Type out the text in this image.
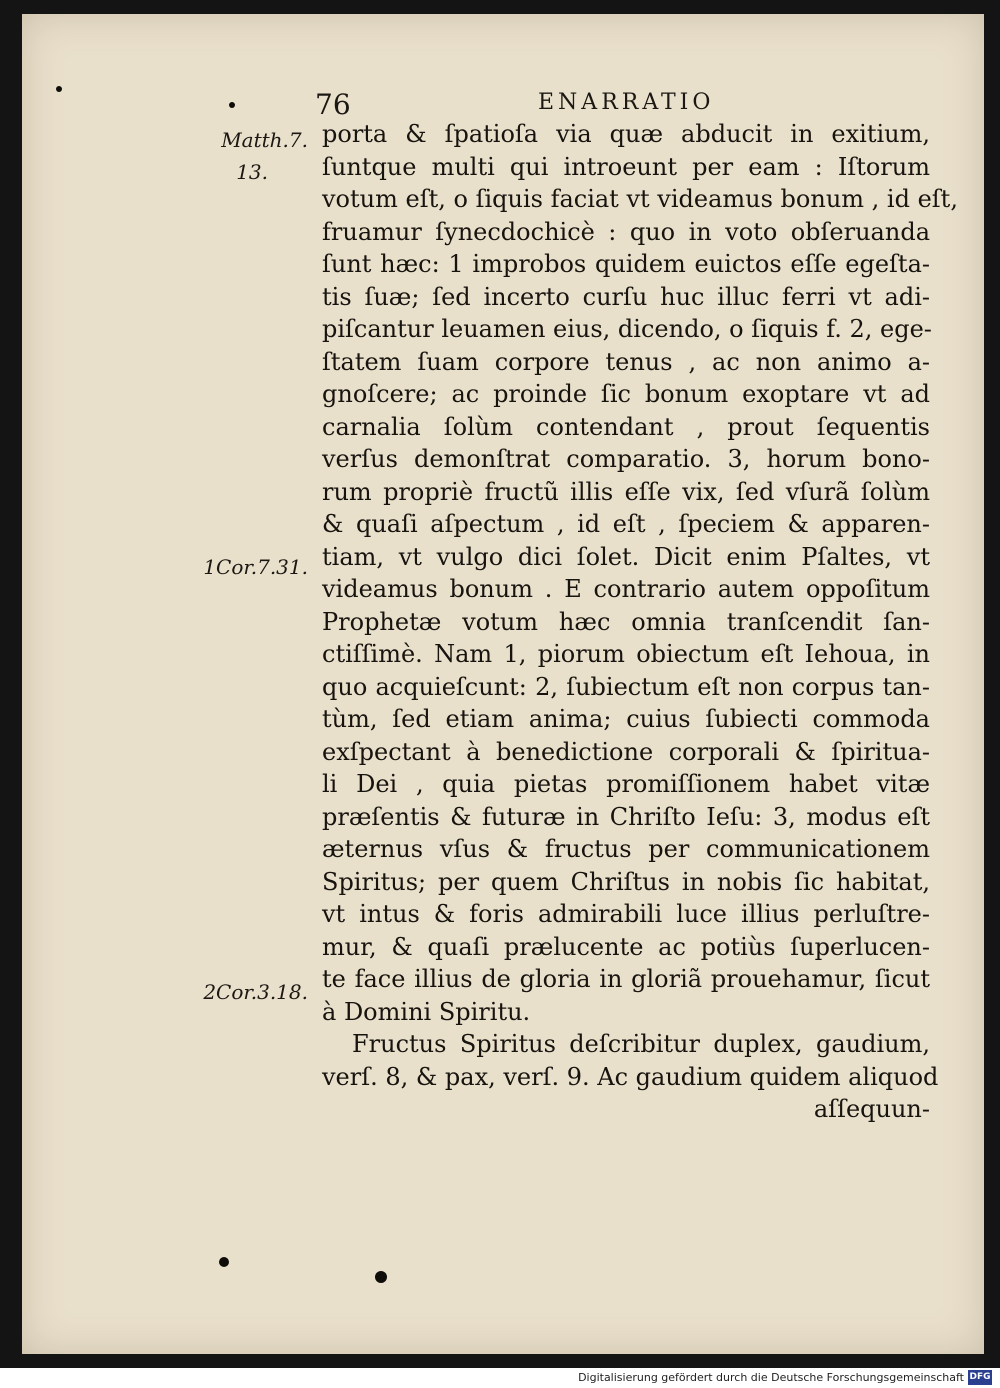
76	ENARRATIO
Matth.7.
13.
1Cor.7.31.
2Cor.3.18.
porta & ſpatioſa via quæ abducit in exitium,
ſuntque multi qui introeunt per eam : Iſtorum
votum eſt, o ſiquis faciat vt videamus bonum , id eſt,
fruamur ſynecdochicè : quo in voto obſeruanda
ſunt hæc: 1 improbos quidem euictos eſſe egeſta-
tis ſuæ; ſed incerto curſu huc illuc ferri vt adi-
piſcantur leuamen eius, dicendo, o ſiquis f. 2, ege-
ſtatem ſuam corpore tenus , ac non animo a-
gnoſcere; ac proinde ſic bonum exoptare vt ad
carnalia ſolùm contendant , prout ſequentis
verſus demonſtrat comparatio. 3, horum bono-
rum propriè fructũ illis eſſe vix, ſed vſurã ſolùm
& quaſi aſpectum , id eſt , ſpeciem & apparen-
tiam, vt vulgo dici ſolet. Dicit enim Pſaltes, vt
videamus bonum . E contrario autem oppoſitum
Prophetæ votum hæc omnia tranſcendit ſan-
ctiſſimè. Nam 1, piorum obiectum eſt Iehoua, in
quo acquieſcunt: 2, ſubiectum eſt non corpus tan-
tùm, ſed etiam anima; cuius ſubiecti commoda
exſpectant à benedictione corporali & ſpiritua-
li Dei , quia pietas promiſſionem habet vitæ
præſentis & futuræ in Chriſto Ieſu: 3, modus eſt
æternus vſus & fructus per communicationem
Spiritus; per quem Chriſtus in nobis ſic habitat,
vt intus & foris admirabili luce illius perluſtre-
mur, & quaſi prælucente ac potiùs ſuperlucen-
te face illius de gloria in gloriã prouehamur, ſicut
à Domini Spiritu.
Fructus Spiritus deſcribitur duplex, gaudium,
verſ. 8, & pax, verſ. 9. Ac gaudium quidem aliquod
aſſequun-
Digitalisierung gefördert durch die Deutsche Forschungsgemeinschaft DFG
